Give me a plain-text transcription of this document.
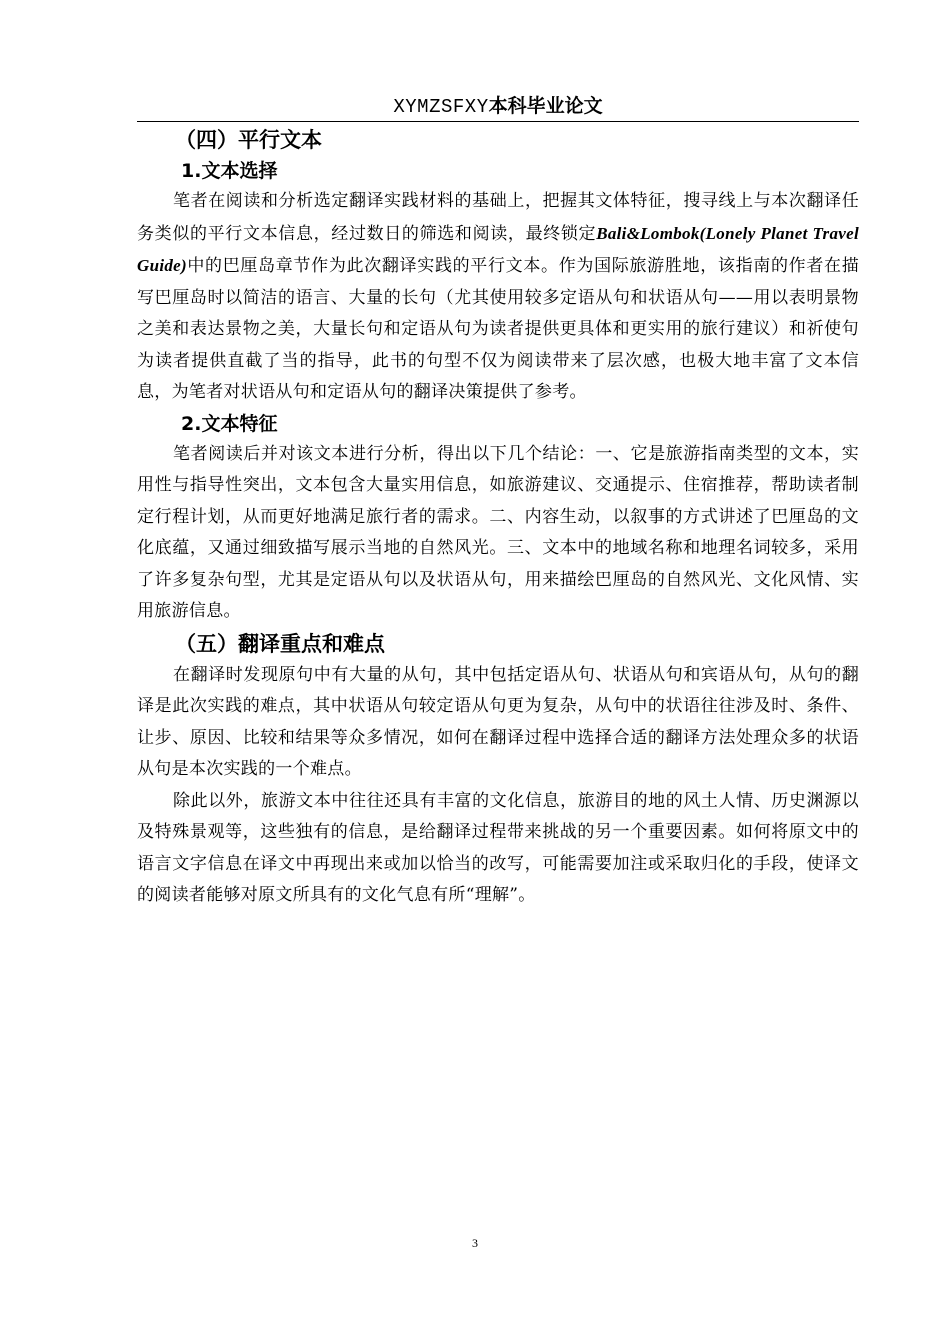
XYMZSFXY本科毕业论文
（四）平行文本
1.文本选择

笔者在阅读和分析选定翻译实践材料的基础上，把握其文体特征，搜寻线上与本次翻译任务类似的平行文本信息，经过数日的筛选和阅读，最终锁定Bali&Lombok(Lonely Planet Travel Guide)中的巴厘岛章节作为此次翻译实践的平行文本。作为国际旅游胜地，该指南的作者在描写巴厘岛时以简洁的语言、大量的长句（尤其使用较多定语从句和状语从句——用以表明景物之美和表达景物之美，大量长句和定语从句为读者提供更具体和更实用的旅行建议）和祈使句为读者提供直截了当的指导，此书的句型不仅为阅读带来了层次感，也极大地丰富了文本信息，为笔者对状语从句和定语从句的翻译决策提供了参考。

2.文本特征

笔者阅读后并对该文本进行分析，得出以下几个结论：一、它是旅游指南类型的文本，实用性与指导性突出，文本包含大量实用信息，如旅游建议、交通提示、住宿推荐，帮助读者制定行程计划，从而更好地满足旅行者的需求。二、内容生动，以叙事的方式讲述了巴厘岛的文化底蕴，又通过细致描写展示当地的自然风光。三、文本中的地域名称和地理名词较多，采用了许多复杂句型，尤其是定语从句以及状语从句，用来描绘巴厘岛的自然风光、文化风情、实用旅游信息。

（五）翻译重点和难点

在翻译时发现原句中有大量的从句，其中包括定语从句、状语从句和宾语从句，从句的翻译是此次实践的难点，其中状语从句较定语从句更为复杂，从句中的状语往往涉及时、条件、让步、原因、比较和结果等众多情况，如何在翻译过程中选择合适的翻译方法处理众多的状语从句是本次实践的一个难点。

除此以外，旅游文本中往往还具有丰富的文化信息，旅游目的地的风土人情、历史渊源以及特殊景观等，这些独有的信息，是给翻译过程带来挑战的另一个重要因素。如何将原文中的语言文字信息在译文中再现出来或加以恰当的改写，可能需要加注或采取归化的手段，使译文的阅读者能够对原文所具有的文化气息有所“理解”。

3
